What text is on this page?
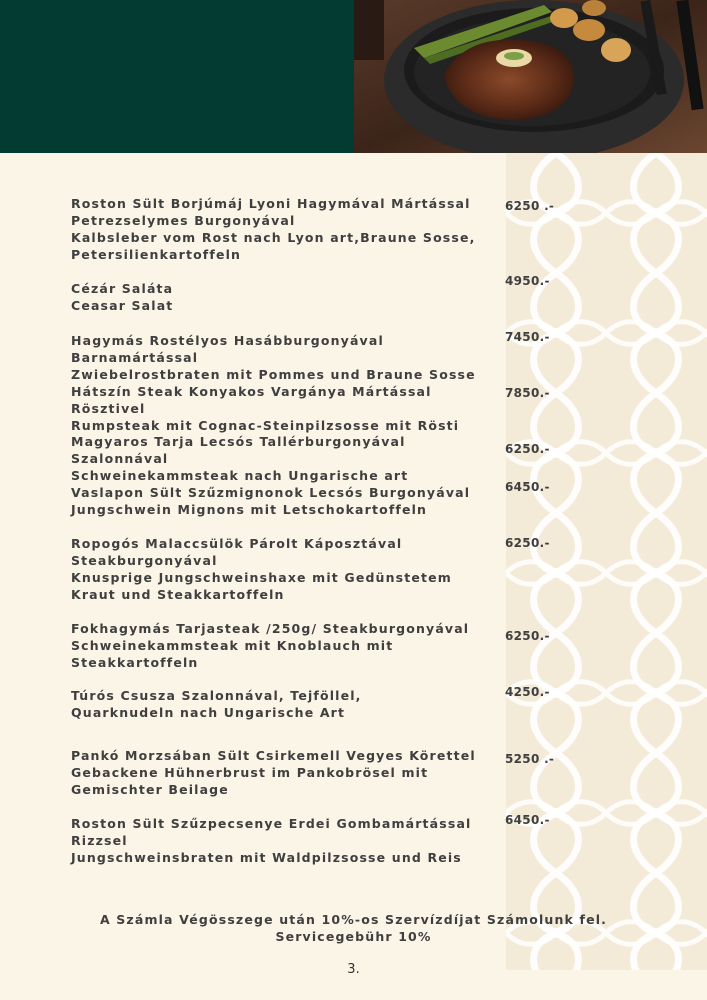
Roston Sült Borjúmáj Lyoni Hagymával Mártással Petrezselymes Burgonyával
Kalbsleber vom Rost nach Lyon art,Braune Sosse, Petersilienkartoffeln
6250 .-
Cézár Saláta
Ceasar Salat
4950.-
Hagymás Rostélyos Hasábburgonyával Barnamártással
Zwiebelrostbraten mit Pommes und Braune Sosse
7450.-
Hátszín Steak Konyakos Vargánya Mártással Rösztivel
Rumpsteak mit Cognac-Steinpilzsosse mit Rösti
7850.-
Magyaros Tarja Lecsós Tallérburgonyával Szalonnával
Schweinekammsteak nach Ungarische art
6250.-
Vaslapon Sült Szűzmignonok Lecsós Burgonyával
Jungschwein Mignons mit Letschokartoffeln
6450.-
Ropogós Malaccsülök Párolt Káposztával Steakburgonyával
Knusprige Jungschweinshaxe mit Gedünstetem Kraut und Steakkartoffeln
6250.-
Fokhagymás Tarjasteak /250g/ Steakburgonyával
Schweinekammsteak mit Knoblauch mit Steakkartoffeln
6250.-
Túrós Csusza Szalonnával, Tejföllel,
Quarknudeln nach Ungarische Art
4250.-
Pankó Morzsában Sült Csirkemell Vegyes Körettel
Gebackene Hühnerbrust im Pankobrösel mit Gemischter Beilage
5250 .-
Roston Sült Szűzpecsenye Erdei Gombamártással Rizzsel
Jungschweinsbraten mit Waldpilzsosse und Reis
6450.-
A Számla Végösszege után 10%-os Szervízdíjat Számolunk fel.
Servicegebühr 10%
3.
